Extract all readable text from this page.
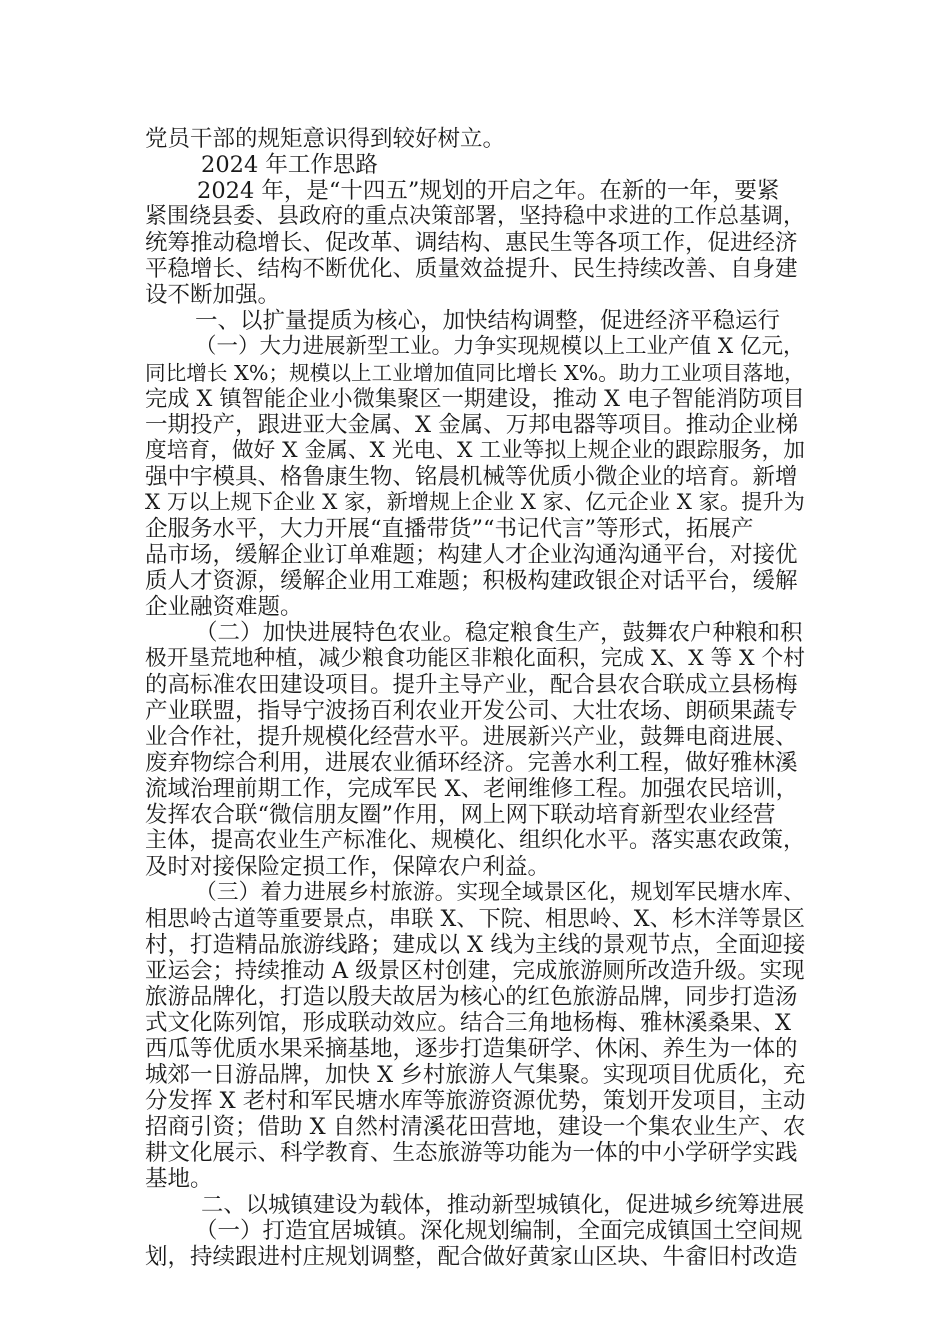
党员干部的规矩意识得到较好树立。
2024 年工作思路
2024 年，是“十四五”规划的开启之年。在新的一年，要紧
紧围绕县委、县政府的重点决策部署，坚持稳中求进的工作总基调，
统筹推动稳增长、促改革、调结构、惠民生等各项工作，促进经济
平稳增长、结构不断优化、质量效益提升、民生持续改善、自身建
设不断加强。
一、以扩量提质为核心，加快结构调整，促进经济平稳运行
（一）大力进展新型工业。力争实现规模以上工业产值 X 亿元，
同比增长 X%；规模以上工业增加值同比增长 X%。助力工业项目落地，
完成 X 镇智能企业小微集聚区一期建设，推动 X 电子智能消防项目
一期投产，跟进亚大金属、X 金属、万邦电器等项目。推动企业梯
度培育，做好 X 金属、X 光电、X 工业等拟上规企业的跟踪服务，加
强中宇模具、格鲁康生物、铭晨机械等优质小微企业的培育。新增
X 万以上规下企业 X 家，新增规上企业 X 家、亿元企业 X 家。提升为
企服务水平，大力开展“直播带货”“书记代言”等形式，拓展产
品市场，缓解企业订单难题；构建人才企业沟通沟通平台，对接优
质人才资源，缓解企业用工难题；积极构建政银企对话平台，缓解
企业融资难题。
（二）加快进展特色农业。稳定粮食生产，鼓舞农户种粮和积
极开垦荒地种植，减少粮食功能区非粮化面积，完成 X、X 等 X 个村
的高标准农田建设项目。提升主导产业，配合县农合联成立县杨梅
产业联盟，指导宁波扬百利农业开发公司、大壮农场、朗硕果蔬专
业合作社，提升规模化经营水平。进展新兴产业，鼓舞电商进展、
废弃物综合利用，进展农业循环经济。完善水利工程，做好雅林溪
流域治理前期工作，完成军民 X、老闸维修工程。加强农民培训，
发挥农合联“微信朋友圈”作用，网上网下联动培育新型农业经营
主体，提高农业生产标准化、规模化、组织化水平。落实惠农政策，
及时对接保险定损工作，保障农户利益。
（三）着力进展乡村旅游。实现全域景区化，规划军民塘水库、
相思岭古道等重要景点，串联 X、下院、相思岭、X、杉木洋等景区
村，打造精品旅游线路；建成以 X 线为主线的景观节点，全面迎接
亚运会；持续推动 A 级景区村创建，完成旅游厕所改造升级。实现
旅游品牌化，打造以殷夫故居为核心的红色旅游品牌，同步打造汤
式文化陈列馆，形成联动效应。结合三角地杨梅、雅林溪桑果、X
西瓜等优质水果采摘基地，逐步打造集研学、休闲、养生为一体的
城郊一日游品牌，加快 X 乡村旅游人气集聚。实现项目优质化，充
分发挥 X 老村和军民塘水库等旅游资源优势，策划开发项目，主动
招商引资；借助 X 自然村清溪花田营地，建设一个集农业生产、农
耕文化展示、科学教育、生态旅游等功能为一体的中小学研学实践
基地。
二、以城镇建设为载体，推动新型城镇化，促进城乡统筹进展
（一）打造宜居城镇。深化规划编制，全面完成镇国土空间规
划，持续跟进村庄规划调整，配合做好黄家山区块、牛畲旧村改造
